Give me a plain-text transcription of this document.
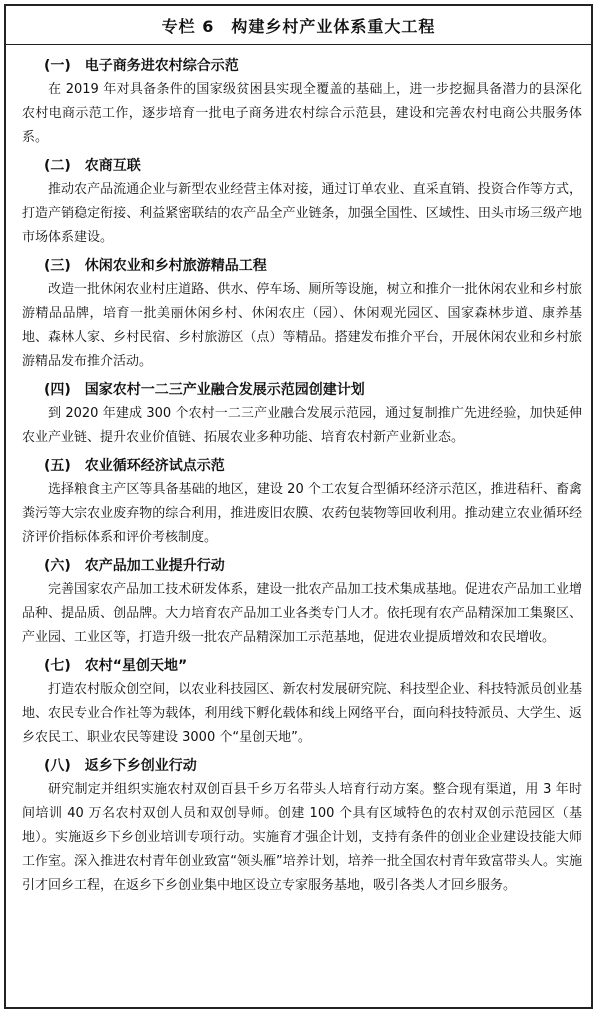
专栏 6　构建乡村产业体系重大工程
(一)　电子商务进农村综合示范
在 2019 年对具备条件的国家级贫困县实现全覆盖的基础上，进一步挖掘具备潜力的县深化农村电商示范工作，逐步培育一批电子商务进农村综合示范县，建设和完善农村电商公共服务体系。
(二)　农商互联
推动农产品流通企业与新型农业经营主体对接，通过订单农业、直采直销、投资合作等方式，打造产销稳定衔接、利益紧密联结的农产品全产业链条，加强全国性、区域性、田头市场三级产地市场体系建设。
(三)　休闲农业和乡村旅游精品工程
改造一批休闲农业村庄道路、供水、停车场、厕所等设施，树立和推介一批休闲农业和乡村旅游精品品牌，培育一批美丽休闲乡村、休闲农庄（园）、休闲观光园区、国家森林步道、康养基地、森林人家、乡村民宿、乡村旅游区（点）等精品。搭建发布推介平台，开展休闲农业和乡村旅游精品发布推介活动。
(四)　国家农村一二三产业融合发展示范园创建计划
到 2020 年建成 300 个农村一二三产业融合发展示范园，通过复制推广先进经验，加快延伸农业产业链、提升农业价值链、拓展农业多种功能、培育农村新产业新业态。
(五)　农业循环经济试点示范
选择粮食主产区等具备基础的地区，建设 20 个工农复合型循环经济示范区，推进秸秆、畜禽粪污等大宗农业废弃物的综合利用，推进废旧农膜、农药包装物等回收利用。推动建立农业循环经济评价指标体系和评价考核制度。
(六)　农产品加工业提升行动
完善国家农产品加工技术研发体系，建设一批农产品加工技术集成基地。促进农产品加工业增品种、提品质、创品牌。大力培育农产品加工业各类专门人才。依托现有农产品精深加工集聚区、产业园、工业区等，打造升级一批农产品精深加工示范基地，促进农业提质增效和农民增收。
(七)　农村“星创天地”
打造农村版众创空间，以农业科技园区、新农村发展研究院、科技型企业、科技特派员创业基地、农民专业合作社等为载体，利用线下孵化载体和线上网络平台，面向科技特派员、大学生、返乡农民工、职业农民等建设 3000 个“星创天地”。
(八)　返乡下乡创业行动
研究制定并组织实施农村双创百县千乡万名带头人培育行动方案。整合现有渠道，用 3 年时间培训 40 万名农村双创人员和双创导师。创建 100 个具有区域特色的农村双创示范园区（基地）。实施返乡下乡创业培训专项行动。实施育才强企计划，支持有条件的创业企业建设技能大师工作室。深入推进农村青年创业致富“领头雁”培养计划，培养一批全国农村青年致富带头人。实施引才回乡工程，在返乡下乡创业集中地区设立专家服务基地，吸引各类人才回乡服务。
